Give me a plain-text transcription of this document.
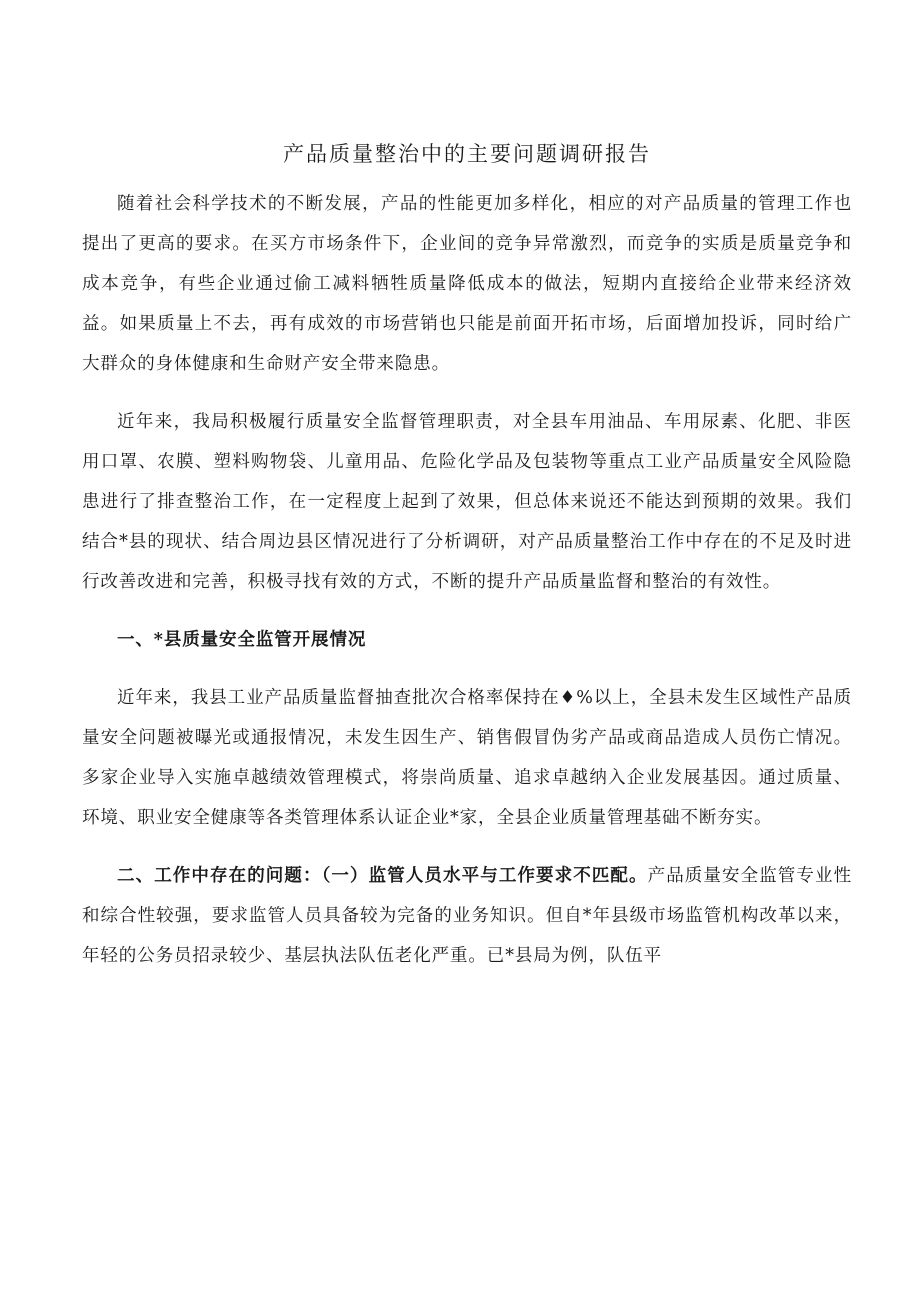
产品质量整治中的主要问题调研报告

随着社会科学技术的不断发展，产品的性能更加多样化，相应的对产品质量的管理工作也提出了更高的要求。在买方市场条件下，企业间的竞争异常激烈，而竞争的实质是质量竞争和成本竞争，有些企业通过偷工减料牺牲质量降低成本的做法，短期内直接给企业带来经济效益。如果质量上不去，再有成效的市场营销也只能是前面开拓市场，后面增加投诉，同时给广大群众的身体健康和生命财产安全带来隐患。

近年来，我局积极履行质量安全监督管理职责，对全县车用油品、车用尿素、化肥、非医用口罩、农膜、塑料购物袋、儿童用品、危险化学品及包装物等重点工业产品质量安全风险隐患进行了排查整治工作，在一定程度上起到了效果，但总体来说还不能达到预期的效果。我们结合*县的现状、结合周边县区情况进行了分析调研，对产品质量整治工作中存在的不足及时进行改善改进和完善，积极寻找有效的方式，不断的提升产品质量监督和整治的有效性。

一、*县质量安全监管开展情况

近年来，我县工业产品质量监督抽查批次合格率保持在♦%以上，全县未发生区域性产品质量安全问题被曝光或通报情况，未发生因生产、销售假冒伪劣产品或商品造成人员伤亡情况。多家企业导入实施卓越绩效管理模式，将崇尚质量、追求卓越纳入企业发展基因。通过质量、环境、职业安全健康等各类管理体系认证企业*家，全县企业质量管理基础不断夯实。

二、工作中存在的问题：（一）监管人员水平与工作要求不匹配。产品质量安全监管专业性和综合性较强，要求监管人员具备较为完备的业务知识。但自*年县级市场监管机构改革以来，年轻的公务员招录较少、基层执法队伍老化严重。已*县局为例，队伍平
